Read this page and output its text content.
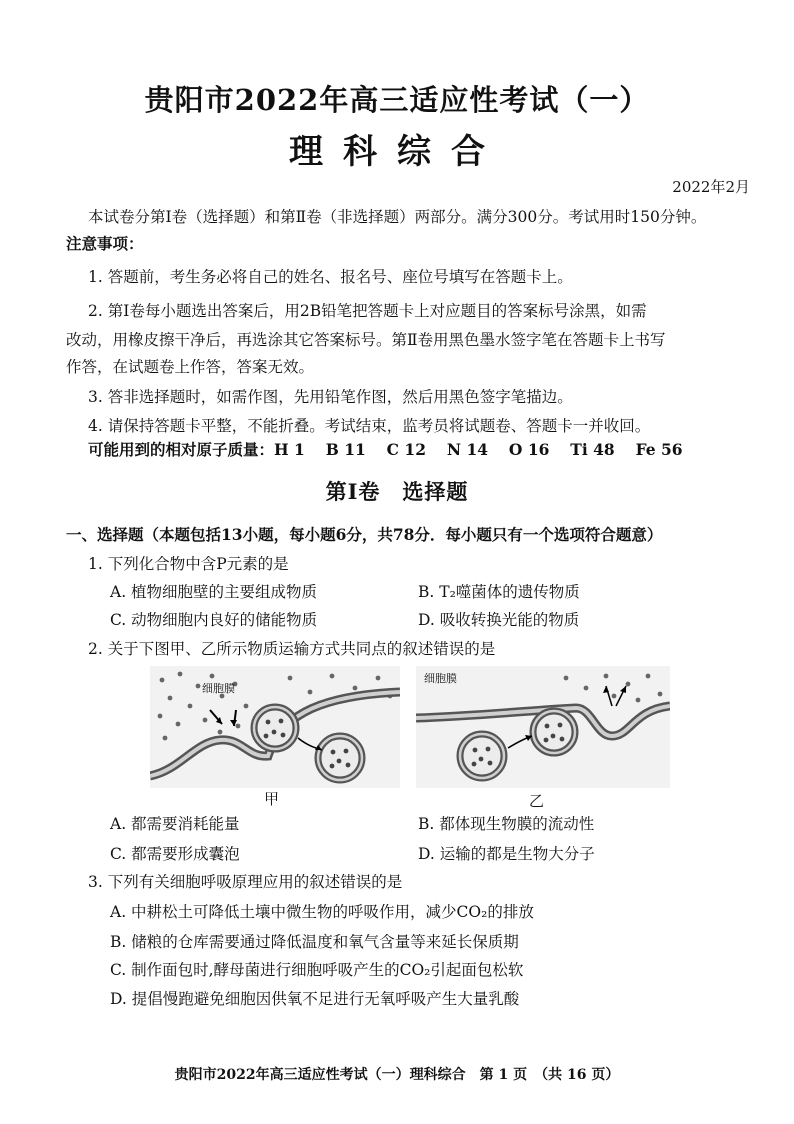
贵阳市2022年高三适应性考试（一）
理科综合
2022年2月
本试卷分第Ⅰ卷（选择题）和第Ⅱ卷（非选择题）两部分。满分300分。考试用时150分钟。
注意事项：
1. 答题前，考生务必将自己的姓名、报名号、座位号填写在答题卡上。
2. 第Ⅰ卷每小题选出答案后，用2B铅笔把答题卡上对应题目的答案标号涂黑，如需
改动，用橡皮擦干净后，再选涂其它答案标号。第Ⅱ卷用黑色墨水签字笔在答题卡上书写
作答，在试题卷上作答，答案无效。
3. 答非选择题时，如需作图，先用铅笔作图，然后用黑色签字笔描边。
4. 请保持答题卡平整，不能折叠。考试结束，监考员将试题卷、答题卡一并收回。
可能用到的相对原子质量：H 1　 B 11　 C 12　 N 14　 O 16　 Ti 48　 Fe 56
第Ⅰ卷　选择题
一、选择题（本题包括13小题，每小题6分，共78分．每小题只有一个选项符合题意）
1. 下列化合物中含P元素的是
A. 植物细胞壁的主要组成物质	B. T₂噬菌体的遗传物质
C. 动物细胞内良好的储能物质	D. 吸收转换光能的物质
2. 关于下图甲、乙所示物质运输方式共同点的叙述错误的是
细胞膜
细胞膜
甲	乙
A. 都需要消耗能量	B. 都体现生物膜的流动性
C. 都需要形成囊泡	D. 运输的都是生物大分子
3. 下列有关细胞呼吸原理应用的叙述错误的是
A. 中耕松土可降低土壤中微生物的呼吸作用，减少CO₂的排放
B. 储粮的仓库需要通过降低温度和氧气含量等来延长保质期
C. 制作面包时,酵母菌进行细胞呼吸产生的CO₂引起面包松软
D. 提倡慢跑避免细胞因供氧不足进行无氧呼吸产生大量乳酸
贵阳市2022年高三适应性考试（一）理科综合　第 1 页　（共 16 页）
